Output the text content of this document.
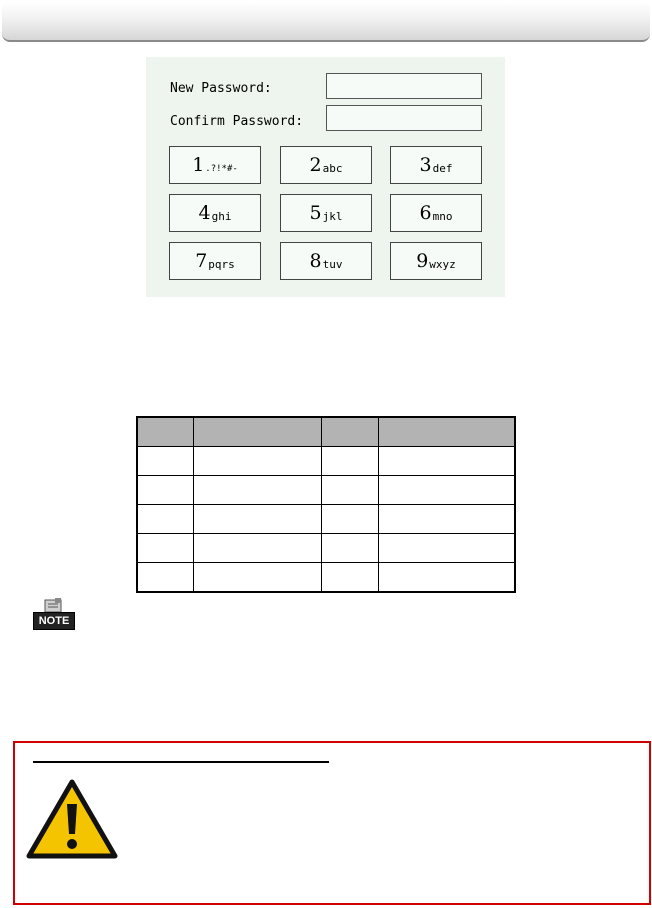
New Password:
Confirm Password:
1 .?!*#-	2 abc	3 def
4 ghi	5 jkl	6 mno
7 pqrs	8 tuv	9 wxyz

NOTE
